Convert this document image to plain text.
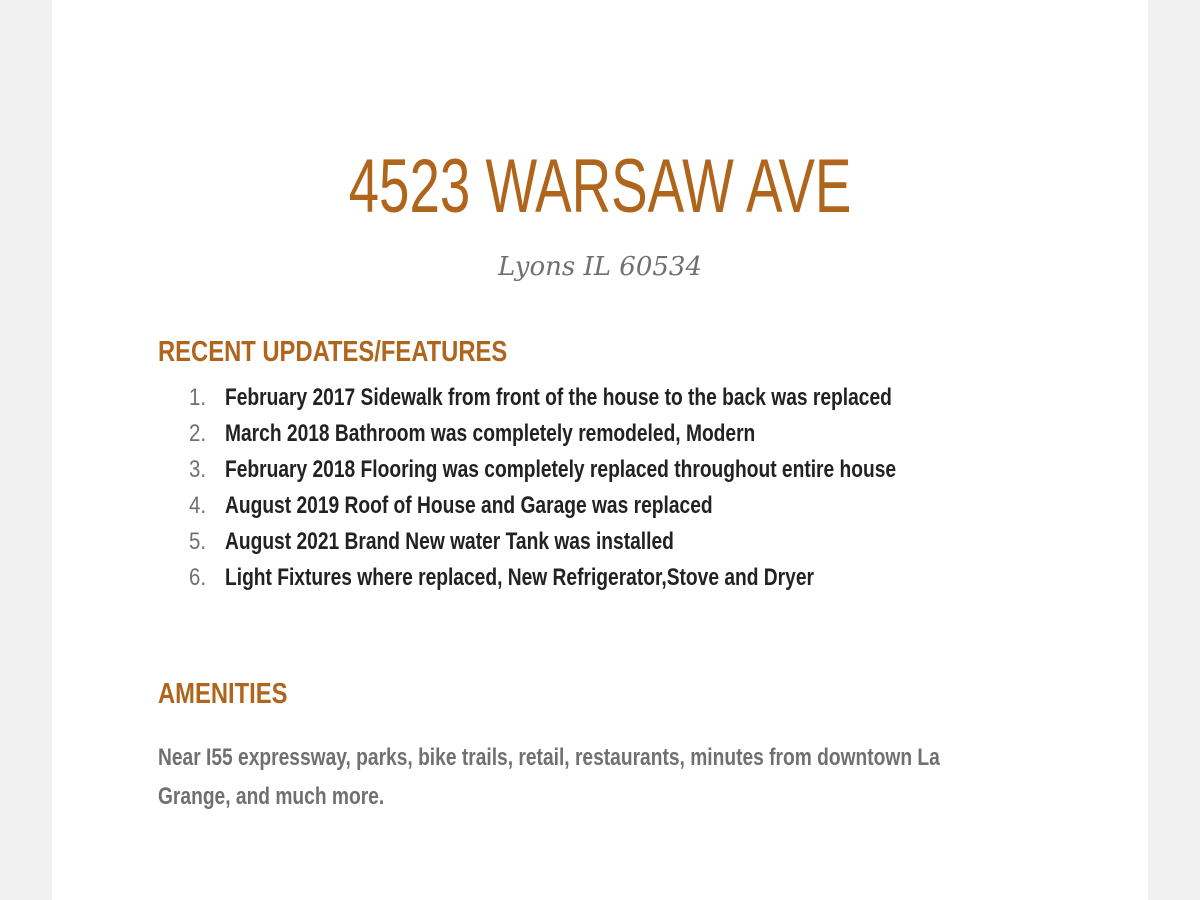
4523 WARSAW AVE
Lyons IL 60534
RECENT UPDATES/FEATURES
1. February 2017 Sidewalk from front of the house to the back was replaced
2. March 2018 Bathroom was completely remodeled, Modern
3. February 2018 Flooring was completely replaced throughout entire house
4. August 2019 Roof of House and Garage was replaced
5. August 2021 Brand New water Tank was installed
6. Light Fixtures where replaced, New Refrigerator,Stove and Dryer
AMENITIES
Near I55 expressway, parks, bike trails, retail, restaurants, minutes from downtown La Grange, and much more.
